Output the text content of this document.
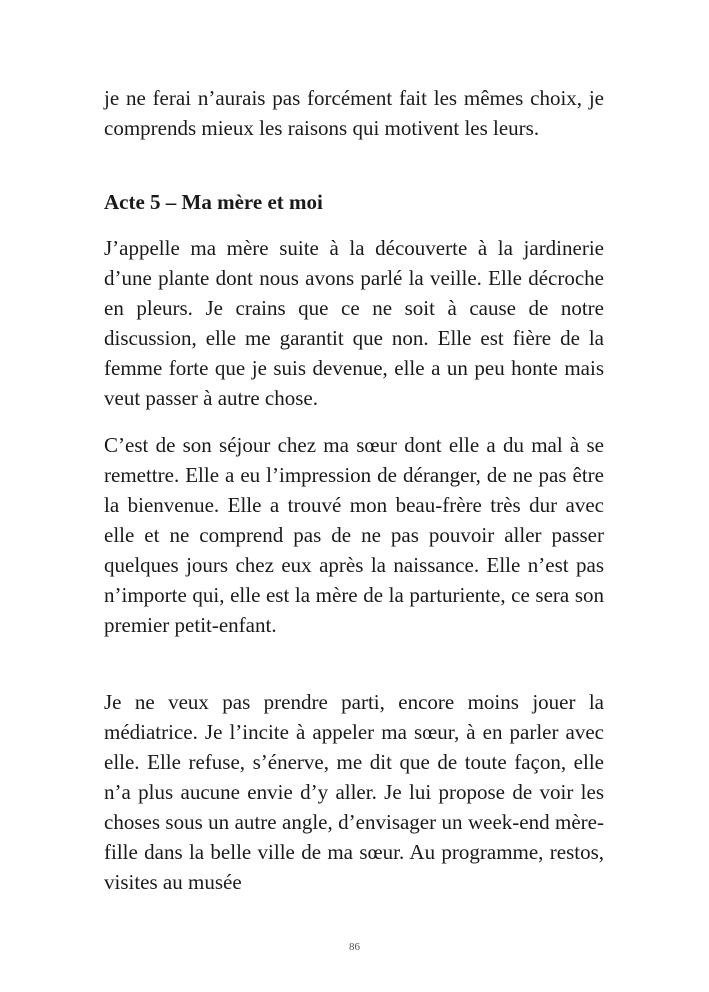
je ne ferai n’aurais pas forcément fait les mêmes choix, je comprends mieux les raisons qui motivent les leurs.

Acte 5 – Ma mère et moi

J’appelle ma mère suite à la découverte à la jardinerie d’une plante dont nous avons parlé la veille. Elle décroche en pleurs. Je crains que ce ne soit à cause de notre discussion, elle me garantit que non. Elle est fière de la femme forte que je suis devenue, elle a un peu honte mais veut passer à autre chose.

C’est de son séjour chez ma sœur dont elle a du mal à se remettre. Elle a eu l’impression de déranger, de ne pas être la bienvenue. Elle a trouvé mon beau-frère très dur avec elle et ne comprend pas de ne pas pouvoir aller passer quelques jours chez eux après la naissance. Elle n’est pas n’importe qui, elle est la mère de la parturiente, ce sera son premier petit-enfant.

Je ne veux pas prendre parti, encore moins jouer la médiatrice. Je l’incite à appeler ma sœur, à en parler avec elle. Elle refuse, s’énerve, me dit que de toute façon, elle n’a plus aucune envie d’y aller. Je lui propose de voir les choses sous un autre angle, d’envisager un week-end mère-fille dans la belle ville de ma sœur. Au programme, restos, visites au musée

86
